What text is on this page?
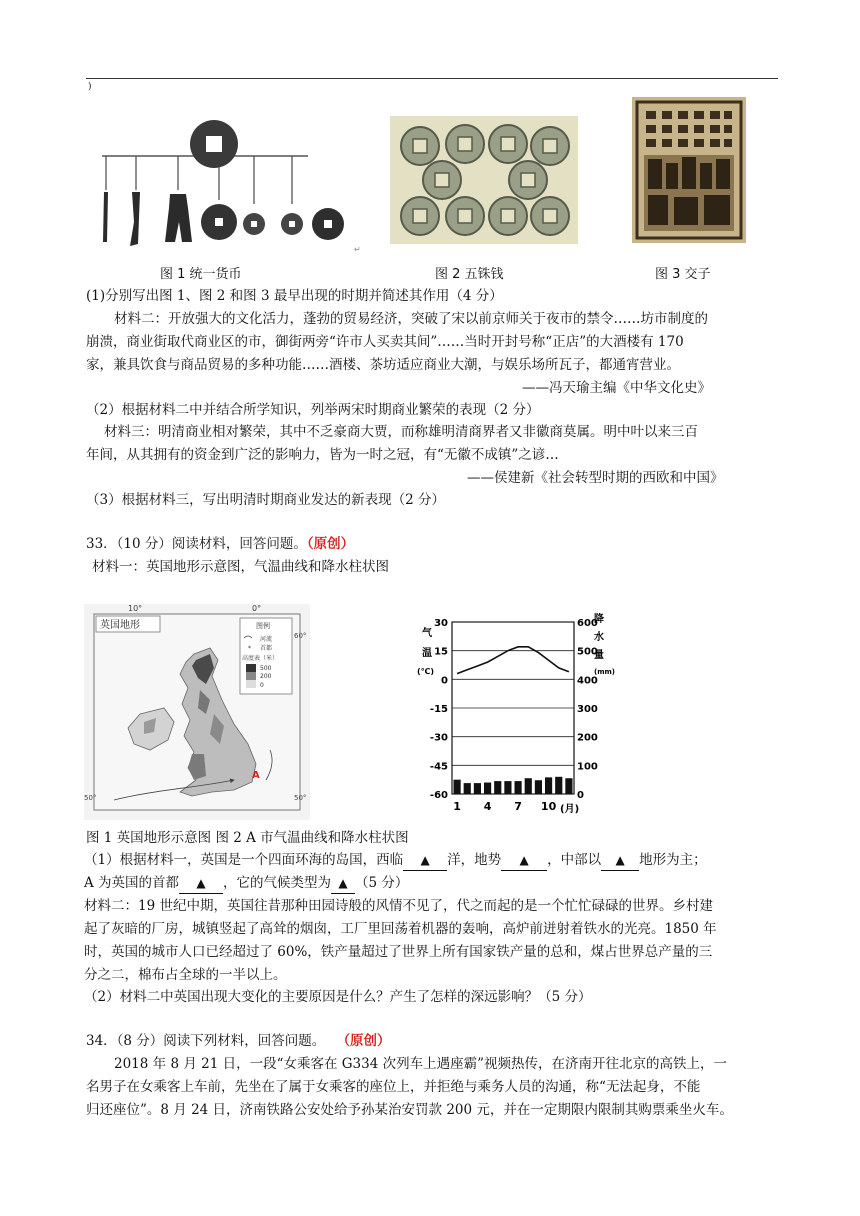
)
↵
图 1 统一货币	图 2 五铢钱	图 3 交子
(1)分别写出图 1、图 2 和图 3 最早出现的时期并简述其作用（4 分）
材料二：开放强大的文化活力，蓬勃的贸易经济，突破了宋以前京师关于夜市的禁令……坊市制度的
崩溃，商业街取代商业区的市，御街两旁“许市人买卖其间”……当时开封号称“正店”的大酒楼有 170
家，兼具饮食与商品贸易的多种功能……酒楼、茶坊适应商业大潮，与娱乐场所瓦子，都通宵营业。
——冯天瑜主编《中华文化史》
（2）根据材料二中并结合所学知识，列举两宋时期商业繁荣的表现（2 分）
材料三：明清商业相对繁荣，其中不乏豪商大贾，而称雄明清商界者又非徽商莫属。明中叶以来三百
年间，从其拥有的资金到广泛的影响力，皆为一时之冠，有“无徽不成镇”之谚…
——侯建新《社会转型时期的西欧和中国》
（3）根据材料三，写出明清时期商业发达的新表现（2 分）
33．（10 分）阅读材料，回答问题。（原创）
材料一：英国地形示意图，气温曲线和降水柱状图
英国地形
10°	0°
60°
50°	50°
图例
河流
* 首都
高度表（米）
500
200
0
A
气
温
(℃)
降
水
量
(mm)
30
15
0
-15
-30
-45
-60
600
500
400
300
200
100
0
1 4 7 10 (月)
图 1 英国地形示意图 图 2 A 市气温曲线和降水柱状图
（1）根据材料一，英国是一个四面环海的岛国，西临 ▲ 洋，地势 ▲ ，中部以 ▲ 地形为主；
A 为英国的首都 ▲ ，它的气候类型为 ▲ （5 分）
材料二：19 世纪中期，英国往昔那种田园诗般的风情不见了，代之而起的是一个忙忙碌碌的世界。乡村建
起了灰暗的厂房，城镇竖起了高耸的烟囱，工厂里回荡着机器的轰响，高炉前迸射着铁水的光亮。1850 年
时，英国的城市人口已经超过了 60%，铁产量超过了世界上所有国家铁产量的总和，煤占世界总产量的三
分之二，棉布占全球的一半以上。
（2）材料二中英国出现大变化的主要原因是什么？产生了怎样的深远影响？（5 分）
34．（8 分）阅读下列材料，回答问题。 （原创）
2018 年 8 月 21 日，一段“女乘客在 G334 次列车上遇座霸”视频热传，在济南开往北京的高铁上，一
名男子在女乘客上车前，先坐在了属于女乘客的座位上，并拒绝与乘务人员的沟通，称“无法起身，不能
归还座位”。8 月 24 日，济南铁路公安处给予孙某治安罚款 200 元，并在一定期限内限制其购票乘坐火车。
